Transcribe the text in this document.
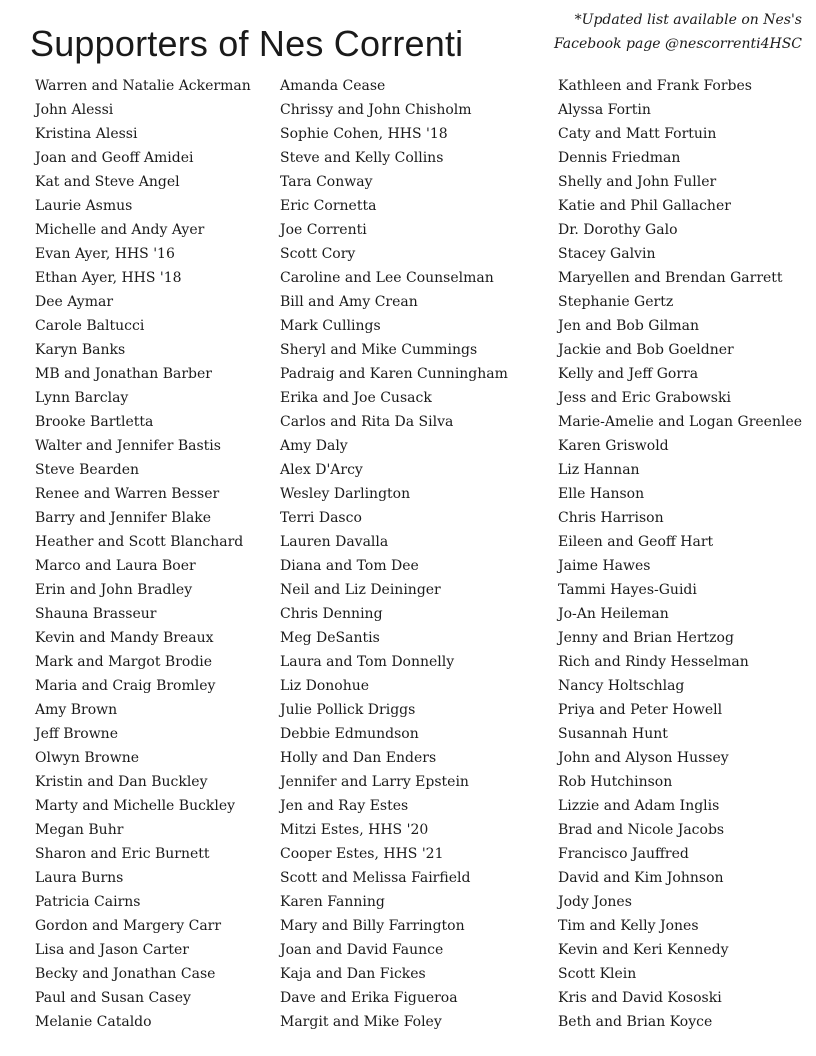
Supporters of Nes Correnti
*Updated list available on Nes's
Facebook page @nescorrenti4HSC
Warren and Natalie Ackerman
John Alessi
Kristina Alessi
Joan and Geoff Amidei
Kat and Steve Angel
Laurie Asmus
Michelle and Andy Ayer
Evan Ayer, HHS '16
Ethan Ayer, HHS '18
Dee Aymar
Carole Baltucci
Karyn Banks
MB and Jonathan Barber
Lynn Barclay
Brooke Bartletta
Walter and Jennifer Bastis
Steve Bearden
Renee and Warren Besser
Barry and Jennifer Blake
Heather and Scott Blanchard
Marco and Laura Boer
Erin and John Bradley
Shauna Brasseur
Kevin and Mandy Breaux
Mark and Margot Brodie
Maria and Craig Bromley
Amy Brown
Jeff Browne
Olwyn Browne
Kristin and Dan Buckley
Marty and Michelle Buckley
Megan Buhr
Sharon and Eric Burnett
Laura Burns
Patricia Cairns
Gordon and Margery Carr
Lisa and Jason Carter
Becky and Jonathan Case
Paul and Susan Casey
Melanie Cataldo
Amanda Cease
Chrissy and John Chisholm
Sophie Cohen, HHS '18
Steve and Kelly Collins
Tara Conway
Eric Cornetta
Joe Correnti
Scott Cory
Caroline and Lee Counselman
Bill and Amy Crean
Mark Cullings
Sheryl and Mike Cummings
Padraig and Karen Cunningham
Erika and Joe Cusack
Carlos and Rita Da Silva
Amy Daly
Alex D'Arcy
Wesley Darlington
Terri Dasco
Lauren Davalla
Diana and Tom Dee
Neil and Liz Deininger
Chris Denning
Meg DeSantis
Laura and Tom Donnelly
Liz Donohue
Julie Pollick Driggs
Debbie Edmundson
Holly and Dan Enders
Jennifer and Larry Epstein
Jen and Ray Estes
Mitzi Estes, HHS '20
Cooper Estes, HHS '21
Scott and Melissa Fairfield
Karen Fanning
Mary and Billy Farrington
Joan and David Faunce
Kaja and Dan Fickes
Dave and Erika Figueroa
Margit and Mike Foley
Kathleen and Frank Forbes
Alyssa Fortin
Caty and Matt Fortuin
Dennis Friedman
Shelly and John Fuller
Katie and Phil Gallacher
Dr. Dorothy Galo
Stacey Galvin
Maryellen and Brendan Garrett
Stephanie Gertz
Jen and Bob Gilman
Jackie and Bob Goeldner
Kelly and Jeff Gorra
Jess and Eric Grabowski
Marie-Amelie and Logan Greenlee
Karen Griswold
Liz Hannan
Elle Hanson
Chris Harrison
Eileen and Geoff Hart
Jaime Hawes
Tammi Hayes-Guidi
Jo-An Heileman
Jenny and Brian Hertzog
Rich and Rindy Hesselman
Nancy Holtschlag
Priya and Peter Howell
Susannah Hunt
John and Alyson Hussey
Rob Hutchinson
Lizzie and Adam Inglis
Brad and Nicole Jacobs
Francisco Jauffred
David and Kim Johnson
Jody Jones
Tim and Kelly Jones
Kevin and Keri Kennedy
Scott Klein
Kris and David Kososki
Beth and Brian Koyce
